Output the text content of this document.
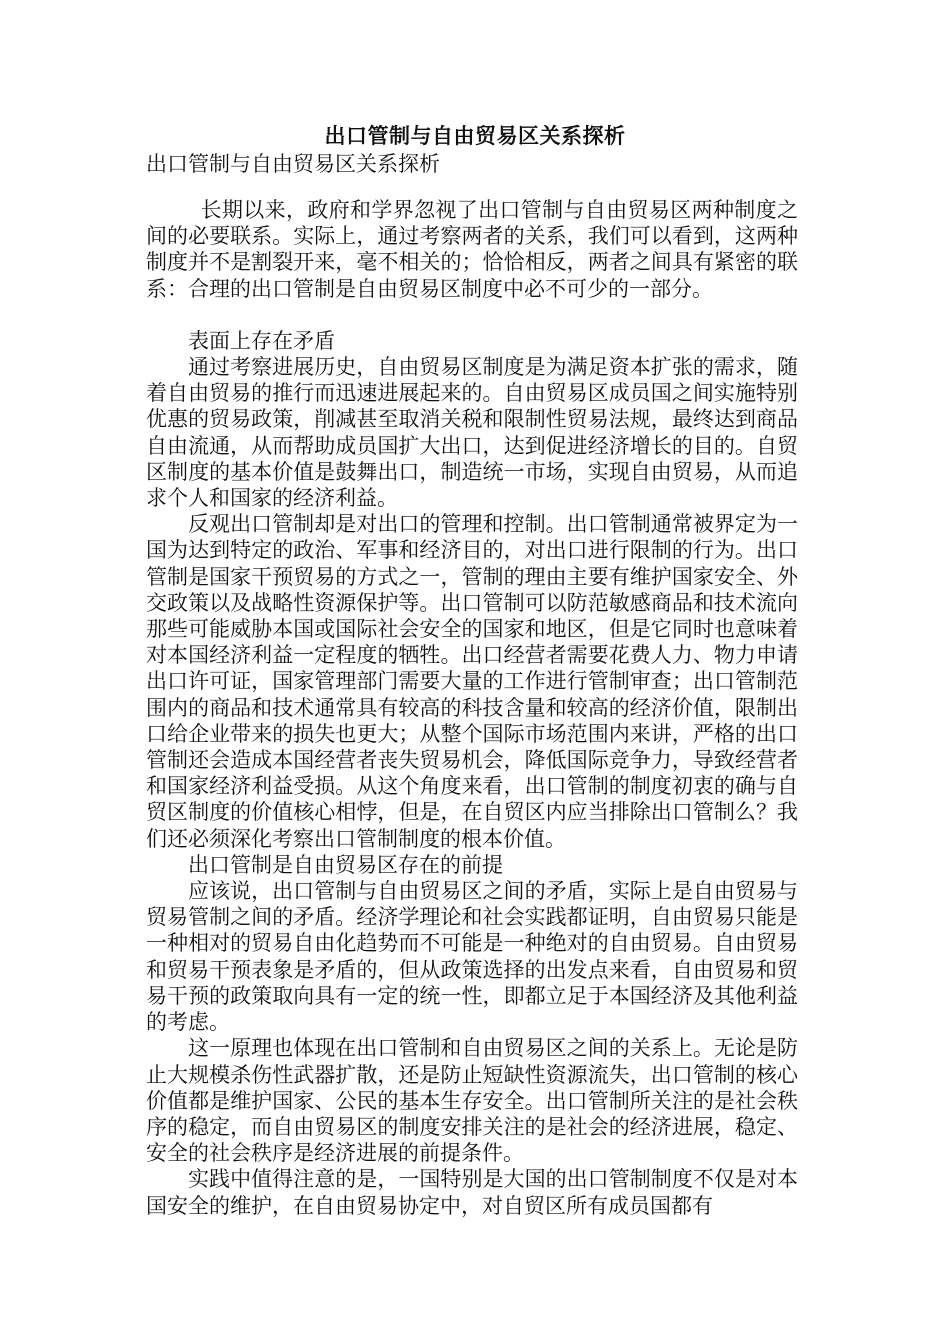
出口管制与自由贸易区关系探析
出口管制与自由贸易区关系探析

长期以来，政府和学界忽视了出口管制与自由贸易区两种制度之间的必要联系。实际上，通过考察两者的关系，我们可以看到，这两种制度并不是割裂开来，毫不相关的；恰恰相反，两者之间具有紧密的联系：合理的出口管制是自由贸易区制度中必不可少的一部分。

表面上存在矛盾

通过考察进展历史，自由贸易区制度是为满足资本扩张的需求，随着自由贸易的推行而迅速进展起来的。自由贸易区成员国之间实施特别优惠的贸易政策，削减甚至取消关税和限制性贸易法规，最终达到商品自由流通，从而帮助成员国扩大出口，达到促进经济增长的目的。自贸区制度的基本价值是鼓舞出口，制造统一市场，实现自由贸易，从而追求个人和国家的经济利益。

反观出口管制却是对出口的管理和控制。出口管制通常被界定为一国为达到特定的政治、军事和经济目的，对出口进行限制的行为。出口管制是国家干预贸易的方式之一，管制的理由主要有维护国家安全、外交政策以及战略性资源保护等。出口管制可以防范敏感商品和技术流向那些可能威胁本国或国际社会安全的国家和地区，但是它同时也意味着对本国经济利益一定程度的牺牲。出口经营者需要花费人力、物力申请出口许可证，国家管理部门需要大量的工作进行管制审查；出口管制范围内的商品和技术通常具有较高的科技含量和较高的经济价值，限制出口给企业带来的损失也更大；从整个国际市场范围内来讲，严格的出口管制还会造成本国经营者丧失贸易机会，降低国际竞争力，导致经营者和国家经济利益受损。从这个角度来看，出口管制的制度初衷的确与自贸区制度的价值核心相悖，但是，在自贸区内应当排除出口管制么？我们还必须深化考察出口管制制度的根本价值。

出口管制是自由贸易区存在的前提

应该说，出口管制与自由贸易区之间的矛盾，实际上是自由贸易与贸易管制之间的矛盾。经济学理论和社会实践都证明，自由贸易只能是一种相对的贸易自由化趋势而不可能是一种绝对的自由贸易。自由贸易和贸易干预表象是矛盾的，但从政策选择的出发点来看，自由贸易和贸易干预的政策取向具有一定的统一性，即都立足于本国经济及其他利益的考虑。

这一原理也体现在出口管制和自由贸易区之间的关系上。无论是防止大规模杀伤性武器扩散，还是防止短缺性资源流失，出口管制的核心价值都是维护国家、公民的基本生存安全。出口管制所关注的是社会秩序的稳定，而自由贸易区的制度安排关注的是社会的经济进展，稳定、安全的社会秩序是经济进展的前提条件。

实践中值得注意的是，一国特别是大国的出口管制制度不仅是对本国安全的维护，在自由贸易协定中，对自贸区所有成员国都有
